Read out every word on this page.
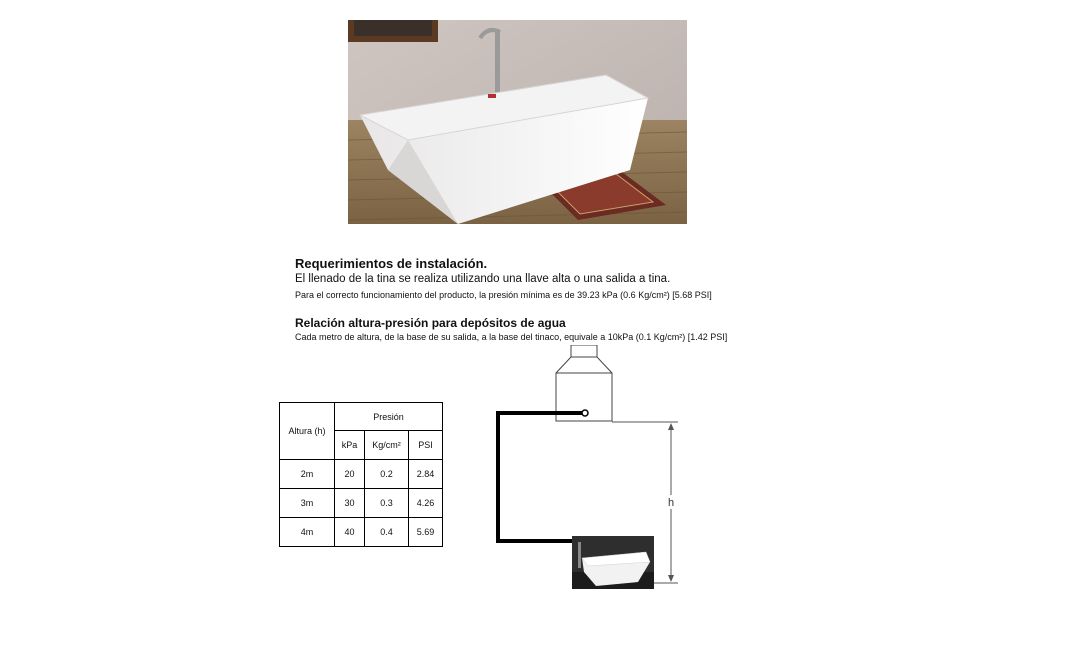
Requerimientos de instalación.
El llenado de la tina se realiza utilizando una llave alta o una salida a tina.
Para el correcto funcionamiento del producto, la presión mínima es de 39.23 kPa (0.6 Kg/cm²) [5.68 PSI]
Relación altura-presión para depósitos de agua
Cada metro de altura, de la base de su salida, a la base del tinaco, equivale a 10kPa (0.1 Kg/cm²) [1.42 PSI]
Altura (h)	Presión		
	kPa	Kg/cm²	PSI
2m	20	0.2	2.84
3m	30	0.3	4.26
4m	40	0.4	5.69
h
